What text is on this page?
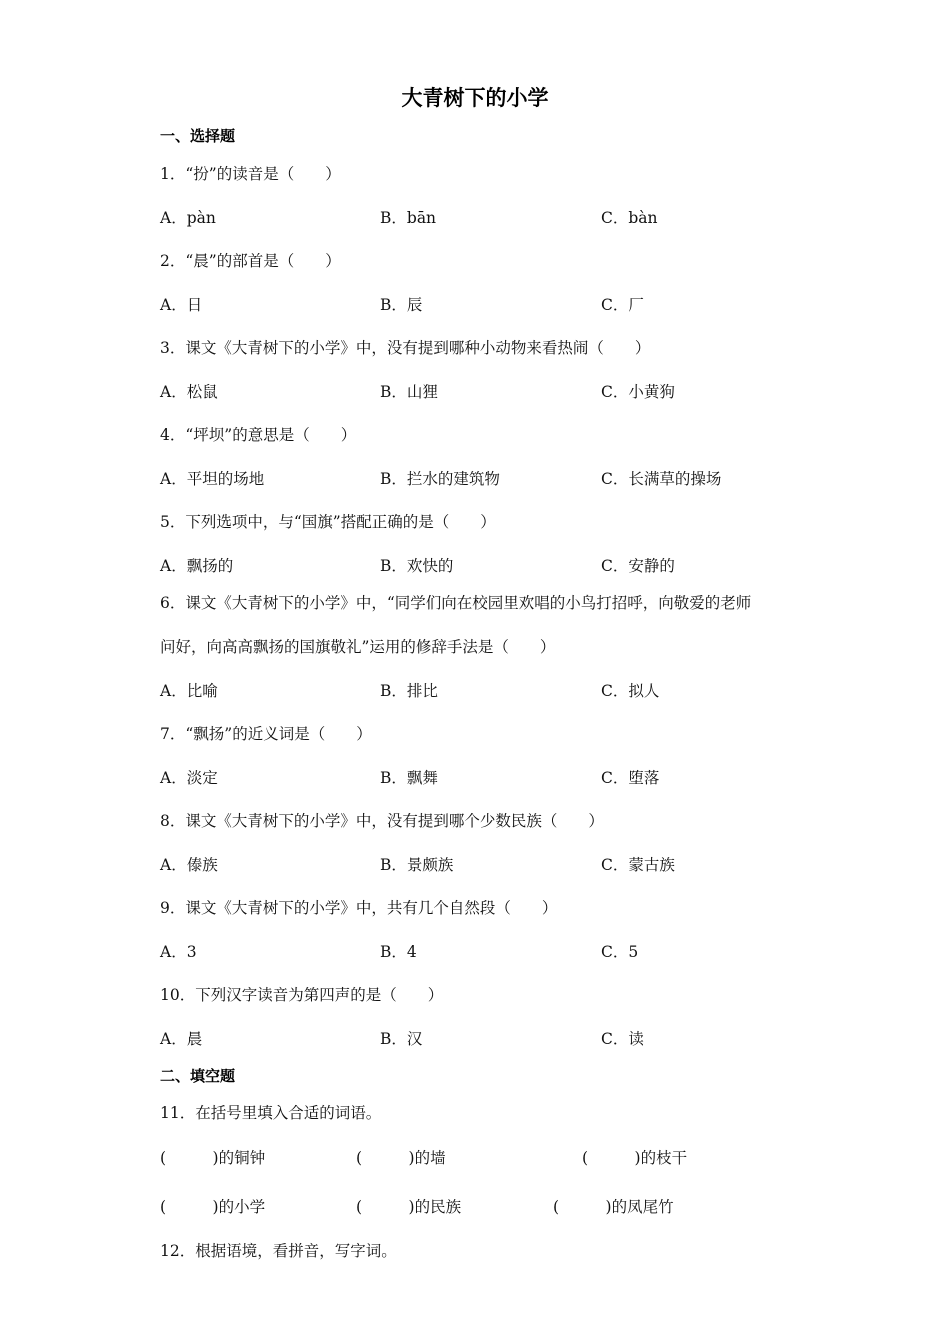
大青树下的小学
一、选择题
1．“扮”的读音是（　　）
A．pàn	B．bān	C．bàn
2．“晨”的部首是（　　）
A．日	B．辰	C．厂
3．课文《大青树下的小学》中，没有提到哪种小动物来看热闹（　　）
A．松鼠	B．山狸	C．小黄狗
4．“坪坝”的意思是（　　）
A．平坦的场地	B．拦水的建筑物	C．长满草的操场
5．下列选项中，与“国旗”搭配正确的是（　　）
A．飘扬的	B．欢快的	C．安静的
6．课文《大青树下的小学》中，“同学们向在校园里欢唱的小鸟打招呼，向敬爱的老师
问好，向高高飘扬的国旗敬礼”运用的修辞手法是（　　）
A．比喻	B．排比	C．拟人
7．“飘扬”的近义词是（　　）
A．淡定	B．飘舞	C．堕落
8．课文《大青树下的小学》中，没有提到哪个少数民族（　　）
A．傣族	B．景颇族	C．蒙古族
9．课文《大青树下的小学》中，共有几个自然段（　　）
A．3	B．4	C．5
10．下列汉字读音为第四声的是（　　）
A．晨	B．汉	C．读
二、填空题
11．在括号里填入合适的词语。
(　　　)的铜钟	(　　　)的墙	(　　　)的枝干
(　　　)的小学	(　　　)的民族	(　　　)的凤尾竹
12．根据语境，看拼音，写字词。
